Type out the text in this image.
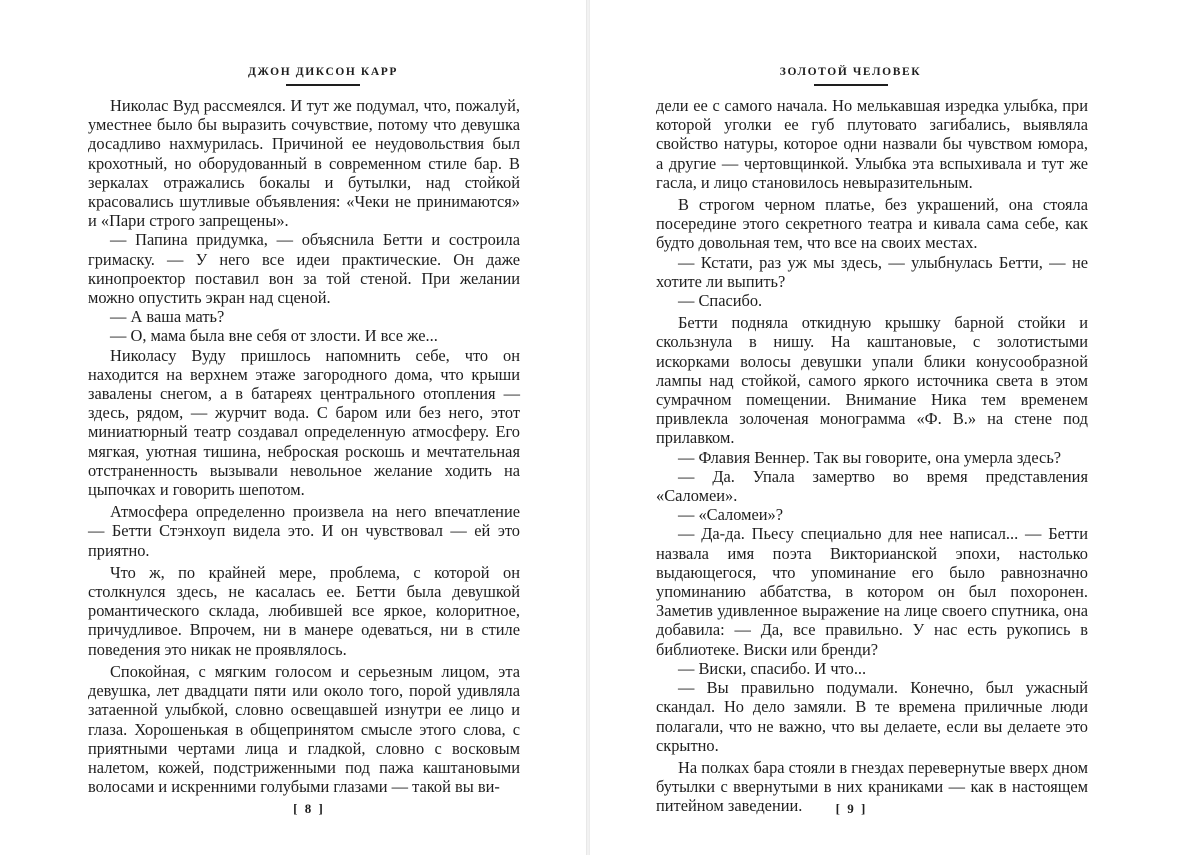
ДЖОН ДИКСОН КАРР

Николас Вуд рассмеялся. И тут же подумал, что, пожалуй, уместнее было бы выразить сочувствие, потому что девушка досадливо нахмурилась. Причиной ее неудовольствия был крохотный, но оборудованный в современном стиле бар. В зеркалах отражались бокалы и бутылки, над стойкой красовались шутливые объявления: «Чеки не принимаются» и «Пари строго запрещены».

— Папина придумка, — объяснила Бетти и состроила гримаску. — У него все идеи практические. Он даже кинопроектор поставил вон за той стеной. При желании можно опустить экран над сценой.

— А ваша мать?

— О, мама была вне себя от злости. И все же...

Николасу Вуду пришлось напомнить себе, что он находится на верхнем этаже загородного дома, что крыши завалены снегом, а в батареях центрального отопления — здесь, рядом, — журчит вода. С баром или без него, этот миниатюрный театр создавал определенную атмосферу. Его мягкая, уютная тишина, неброская роскошь и мечтательная отстраненность вызывали невольное желание ходить на цыпочках и говорить шепотом.

Атмосфера определенно произвела на него впечатление — Бетти Стэнхоуп видела это. И он чувствовал — ей это приятно.

Что ж, по крайней мере, проблема, с которой он столкнулся здесь, не касалась ее. Бетти была девушкой романтического склада, любившей все яркое, колоритное, причудливое. Впрочем, ни в манере одеваться, ни в стиле поведения это никак не проявлялось.

Спокойная, с мягким голосом и серьезным лицом, эта девушка, лет двадцати пяти или около того, порой удивляла затаенной улыбкой, словно освещавшей изнутри ее лицо и глаза. Хорошенькая в общепринятом смысле этого слова, с приятными чертами лица и гладкой, словно с восковым налетом, кожей, подстриженными под пажа каштановыми волосами и искренними голубыми глазами — такой вы ви-

[ 8 ]
ЗОЛОТОЙ ЧЕЛОВЕК

дели ее с самого начала. Но мелькавшая изредка улыбка, при которой уголки ее губ плутовато загибались, выявляла свойство натуры, которое одни назвали бы чувством юмора, а другие — чертовщинкой. Улыбка эта вспыхивала и тут же гасла, и лицо становилось невыразительным.

В строгом черном платье, без украшений, она стояла посередине этого секретного театра и кивала сама себе, как будто довольная тем, что все на своих местах.

— Кстати, раз уж мы здесь, — улыбнулась Бетти, — не хотите ли выпить?

— Спасибо.

Бетти подняла откидную крышку барной стойки и скользнула в нишу. На каштановые, с золотистыми искорками волосы девушки упали блики конусообразной лампы над стойкой, самого яркого источника света в этом сумрачном помещении. Внимание Ника тем временем привлекла золоченая монограмма «Ф. В.» на стене под прилавком.

— Флавия Веннер. Так вы говорите, она умерла здесь?

— Да. Упала замертво во время представления «Саломеи».

— «Саломеи»?

— Да-да. Пьесу специально для нее написал... — Бетти назвала имя поэта Викторианской эпохи, настолько выдающегося, что упоминание его было равнозначно упоминанию аббатства, в котором он был похоронен. Заметив удивленное выражение на лице своего спутника, она добавила: — Да, все правильно. У нас есть рукопись в библиотеке. Виски или бренди?

— Виски, спасибо. И что...

— Вы правильно подумали. Конечно, был ужасный скандал. Но дело замяли. В те времена приличные люди полагали, что не важно, что вы делаете, если вы делаете это скрытно.

На полках бара стояли в гнездах перевернутые вверх дном бутылки с ввернутыми в них краниками — как в настоящем питейном заведении.	[ 9 ]
